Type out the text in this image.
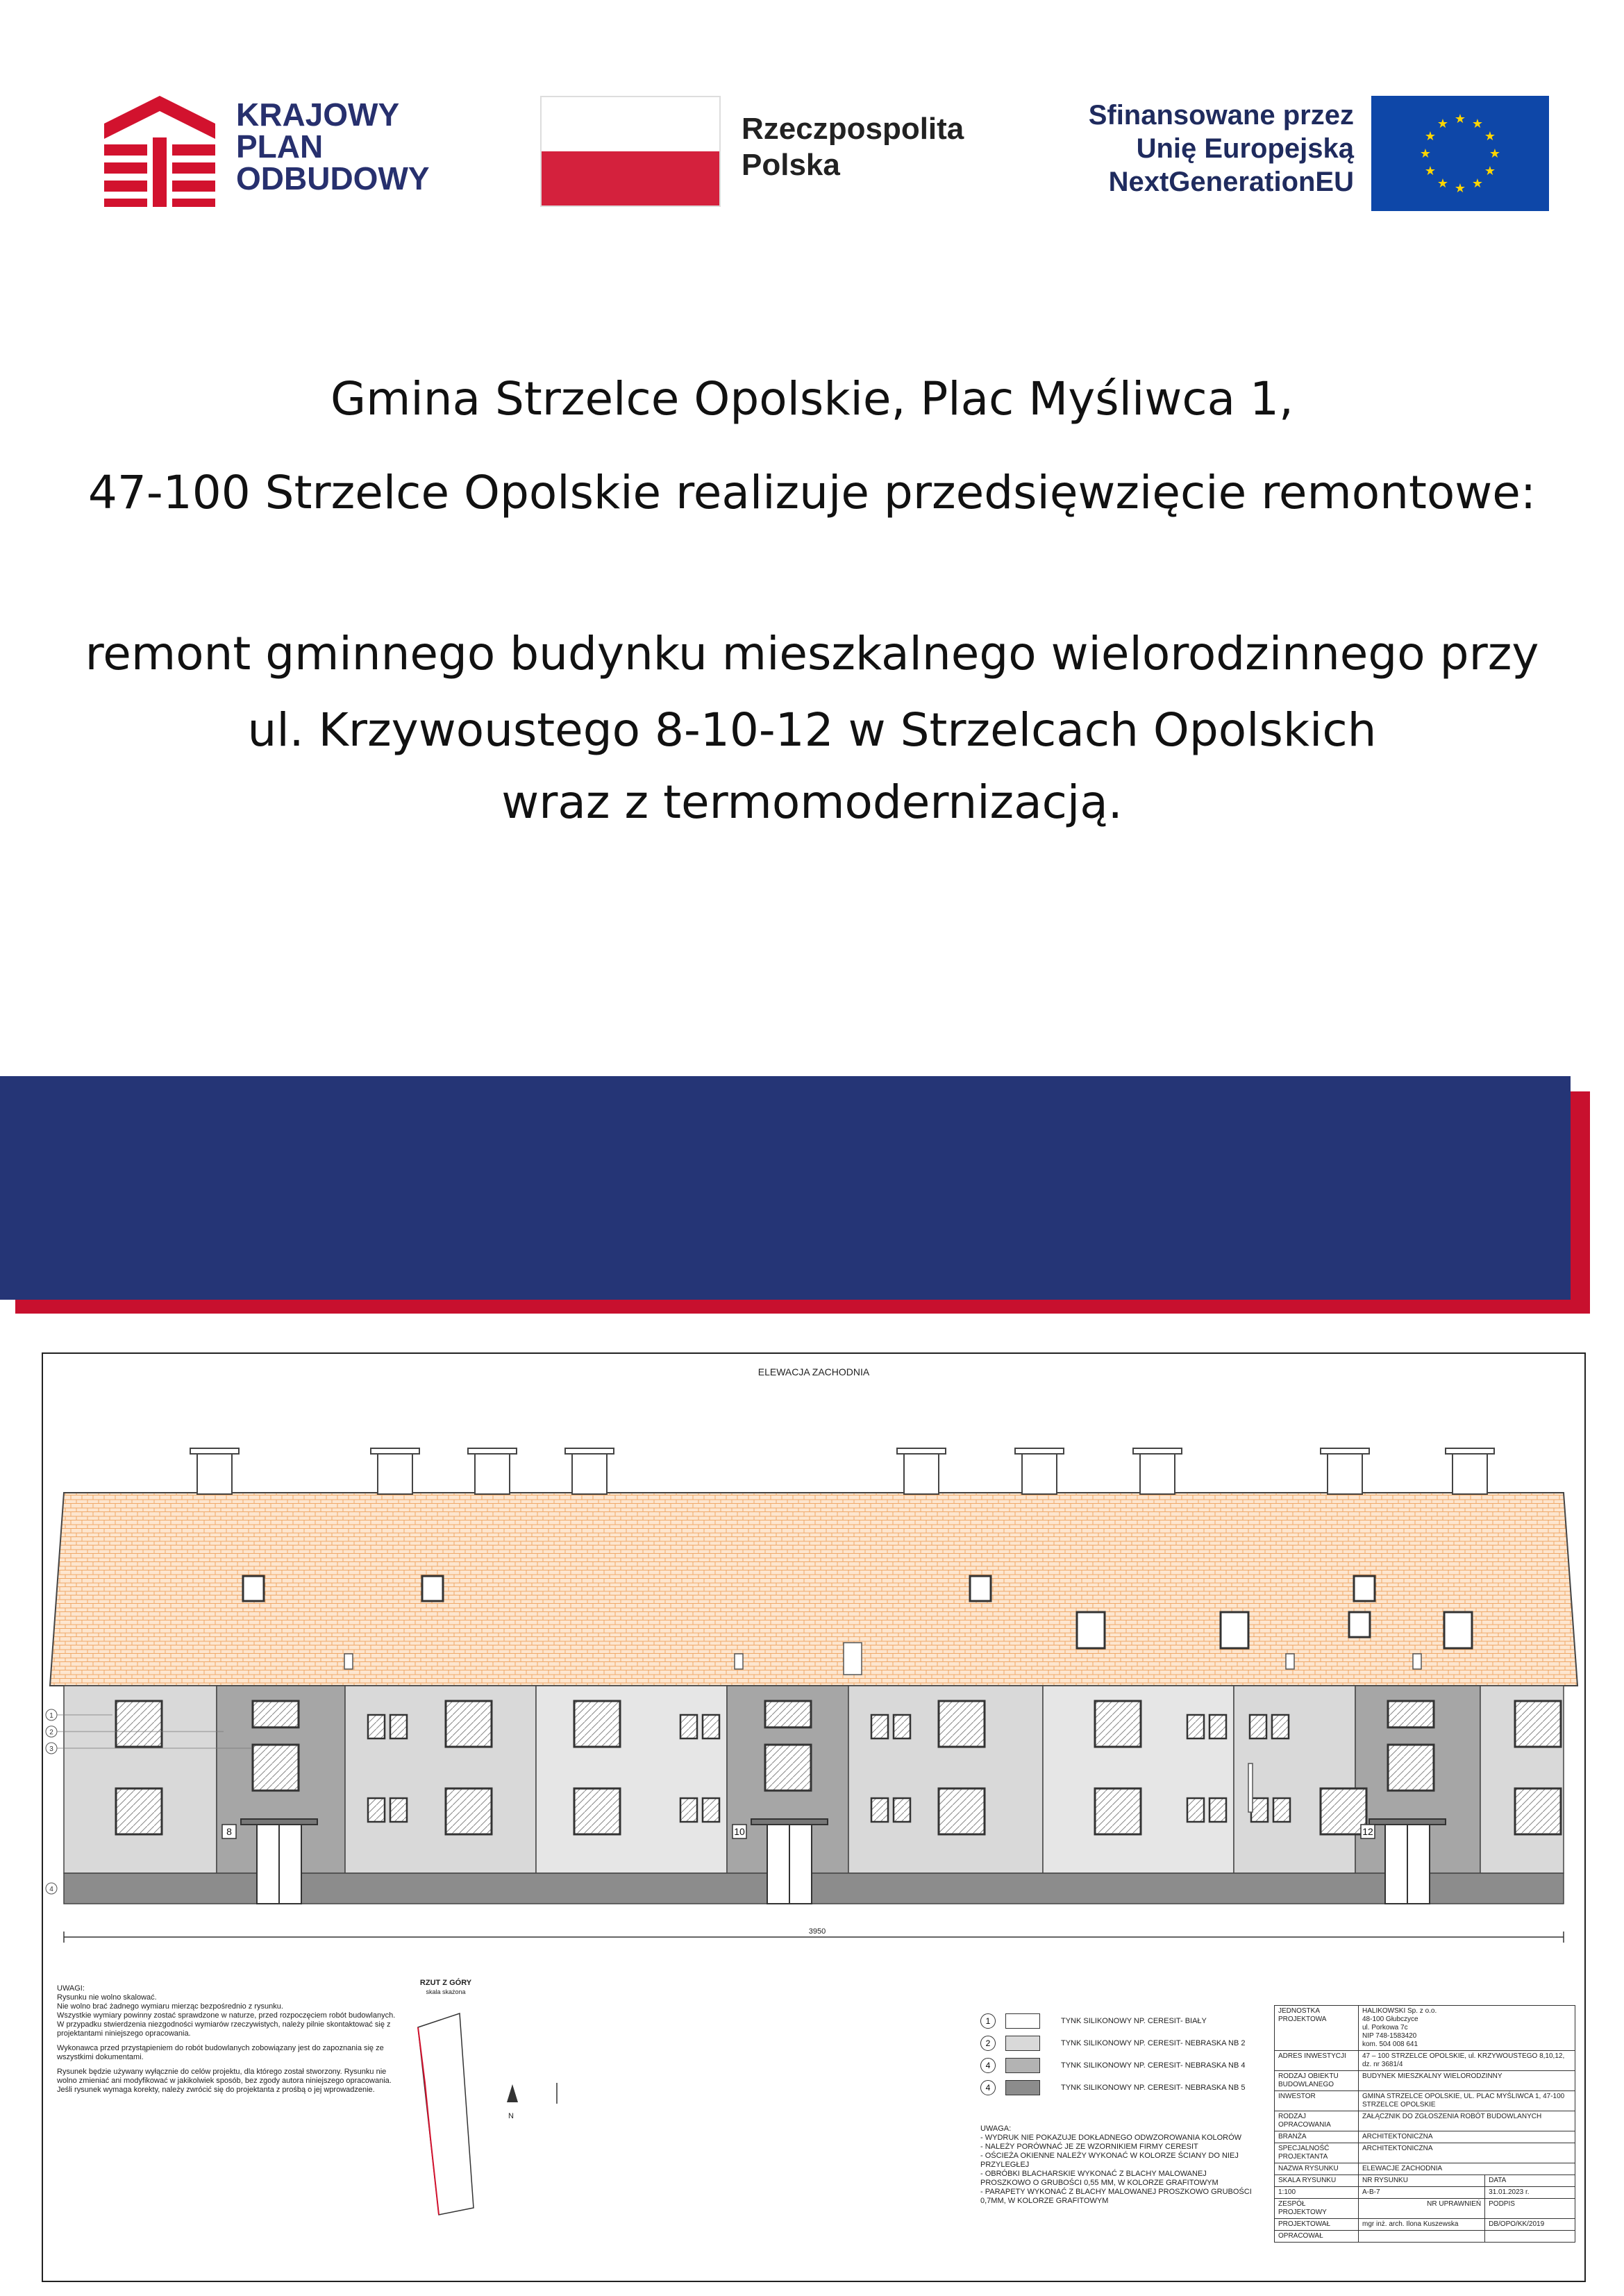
KRAJOWY
PLAN
ODBUDOWY
Rzeczpospolita
Polska
Sfinansowane przez
Unię Europejską
NextGenerationEU
★ ★
★
★
★
★
★
★
★
★
★
★
Gmina Strzelce Opolskie, Plac Myśliwca 1,
47-100 Strzelce Opolskie realizuje przedsięwzięcie remontowe:
remont gminnego budynku mieszkalnego wielorodzinnego przy
ul. Krzywoustego 8-10-12 w Strzelcach Opolskich
wraz z termomodernizacją.
ELEWACJA ZACHODNIA
8	10	12
1
2
3
4
3950
UWAGI:
Rysunku nie wolno skalować.
Nie wolno brać żadnego wymiaru mierząc bezpośrednio z rysunku.
Wszystkie wymiary powinny zostać sprawdzone w naturze, przed rozpoczęciem robót budowlanych. W przypadku stwierdzenia niezgodności wymiarów rzeczywistych, należy pilnie skontaktować się z projektantami niniejszego opracowania.
Wykonawca przed przystąpieniem do robót budowlanych zobowiązany jest do zapoznania się ze wszystkimi dokumentami.
Rysunek będzie używany wyłącznie do celów projektu, dla którego został stworzony. Rysunku nie wolno zmieniać ani modyfikować w jakikolwiek sposób, bez zgody autora niniejszego opracowania.
Jeśli rysunek wymaga korekty, należy zwrócić się do projektanta z prośbą o jej wprowadzenie.
RZUT Z GÓRY
skala skażona
N
1	TYNK SILIKONOWY NP. CERESIT- BIAŁY
2	TYNK SILIKONOWY NP. CERESIT- NEBRASKA NB 2
4	TYNK SILIKONOWY NP. CERESIT- NEBRASKA NB 4
4	TYNK SILIKONOWY NP. CERESIT- NEBRASKA NB 5
UWAGA:
- WYDRUK NIE POKAZUJE DOKŁADNEGO ODWZOROWANIA KOLORÓW
- NALEŻY PORÓWNAĆ JE ZE WZORNIKIEM FIRMY CERESIT
- OŚCIEŻA OKIENNE NALEŻY WYKONAĆ W KOLORZE ŚCIANY DO NIEJ PRZYLEGŁEJ
- OBRÓBKI BLACHARSKIE WYKONAĆ Z BLACHY MALOWANEJ PROSZKOWO O GRUBOŚCI 0,55 MM, W KOLORZE GRAFITOWYM
- PARAPETY WYKONAĆ Z BLACHY MALOWANEJ PROSZKOWO GRUBOŚCI 0,7MM, W KOLORZE GRAFITOWYM
JEDNOSTKA PROJEKTOWA	HALIKOWSKI Sp. z o.o.
48-100 Głubczyce
ul. Porkowa 7c
NIP 748-1583420
kom. 504 008 641	

ADRES INWESTYCJI	47 – 100 STRZELCE OPOLSKIE, ul. KRZYWOUSTEGO 8,10,12, dz. nr 3681/4	
RODZAJ OBIEKTU BUDOWLANEGO	BUDYNEK MIESZKALNY WIELORODZINNY	
INWESTOR	GMINA STRZELCE OPOLSKIE, UL. PLAC MYŚLIWCA 1, 47-100 STRZELCE OPOLSKIE	
RODZAJ OPRACOWANIA	ZAŁĄCZNIK DO ZGŁOSZENIA ROBÓT BUDOWLANYCH	
BRANŻA	ARCHITEKTONICZNA	
SPECJALNOŚĆ PROJEKTANTA	ARCHITEKTONICZNA	
NAZWA RYSUNKU	ELEWACJE ZACHODNIA	
SKALA RYSUNKU	NR RYSUNKU	DATA
1:100	A-B-7	31.01.2023 r.
ZESPÓŁ PROJEKTOWY	NR UPRAWNIEŃ	PODPIS
PROJEKTOWAŁ	mgr inż. arch. Ilona Kuszewska	DB/OPO/KK/2019
OPRACOWAŁ		
